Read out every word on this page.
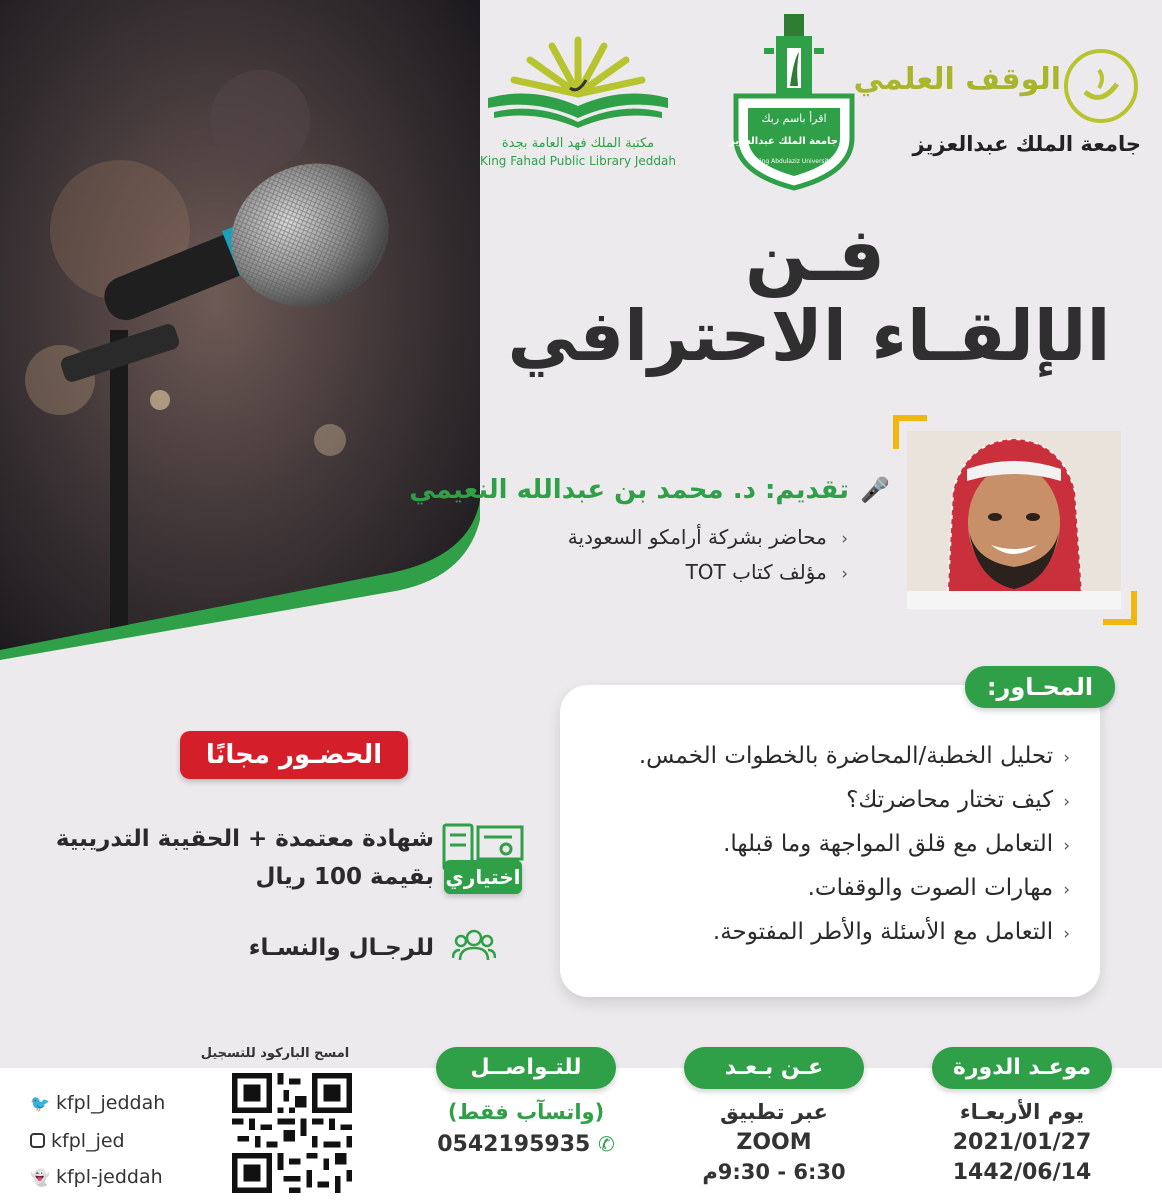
الوقف العلمي
جامعة الملك عبدالعزيز
اقرأ باسم ربك
جامعة الملك عبدالعزيز
King Abdulaziz University
مكتبة الملك فهد العامة بجدة
King Fahad Public Library Jeddah
فـن
الإلقـاء الاحترافي
🎤 تقديم: د. محمد بن عبدالله النعيمي
‹ محاضر بشركة أرامكو السعودية
‹ مؤلف كتاب TOT
‹تحليل الخطبة/المحاضرة بالخطوات الخمس.
‹كيف تختار محاضرتك؟
‹التعامل مع قلق المواجهة وما قبلها.
‹مهارات الصوت والوقفات.
‹التعامل مع الأسئلة والأطر المفتوحة.
المحـاور:
الحضـور مجانًا
شهادة معتمدة + الحقيبة التدريبية
اختياري
بقيمة 100 ريال
للرجـال والنسـاء
موعـد الدورة
يوم الأربعـاء
2021/01/27
1442/06/14
عـن بـعـد
عبر تطبيق
ZOOM
6:30 - 9:30م
للتـواصــل
(واتسآب فقط)
0542195935 ✆
امسح الباركود للتسجيل
🐦 kfpl_jeddah
kfpl_jed
👻 kfpl-jeddah
